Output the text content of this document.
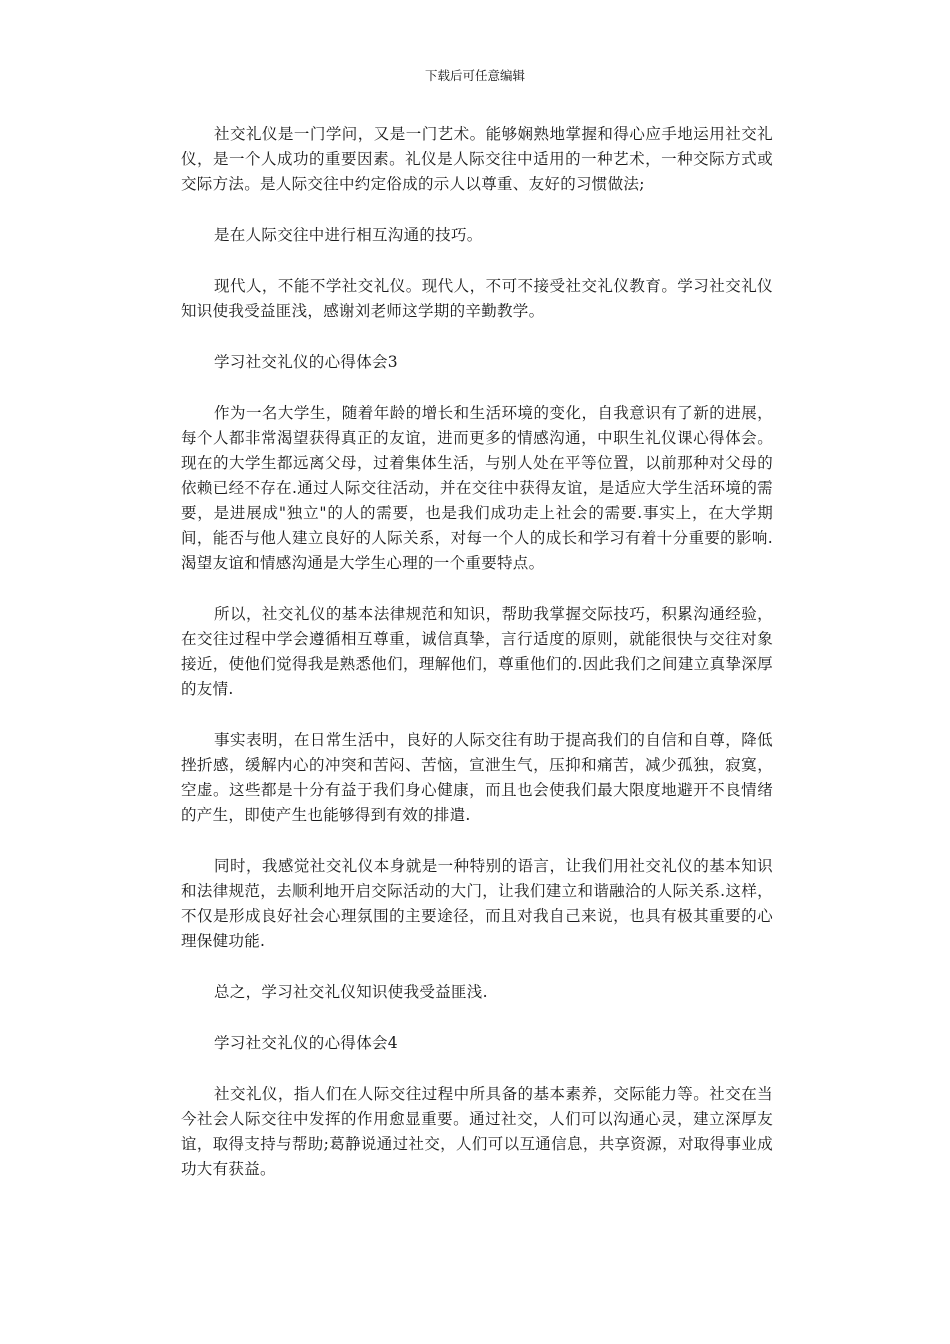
下载后可任意编辑

社交礼仪是一门学问，又是一门艺术。能够娴熟地掌握和得心应手地运用社交礼仪，是一个人成功的重要因素。礼仪是人际交往中适用的一种艺术，一种交际方式或交际方法。是人际交往中约定俗成的示人以尊重、友好的习惯做法;

是在人际交往中进行相互沟通的技巧。

现代人，不能不学社交礼仪。现代人，不可不接受社交礼仪教育。学习社交礼仪知识使我受益匪浅，感谢刘老师这学期的辛勤教学。

学习社交礼仪的心得体会3

作为一名大学生，随着年龄的增长和生活环境的变化，自我意识有了新的进展，每个人都非常渴望获得真正的友谊，进而更多的情感沟通，中职生礼仪课心得体会。现在的大学生都远离父母，过着集体生活，与别人处在平等位置，以前那种对父母的依赖已经不存在.通过人际交往活动，并在交往中获得友谊，是适应大学生活环境的需要，是进展成"独立"的人的需要，也是我们成功走上社会的需要.事实上，在大学期间，能否与他人建立良好的人际关系，对每一个人的成长和学习有着十分重要的影响.渴望友谊和情感沟通是大学生心理的一个重要特点。

所以，社交礼仪的基本法律规范和知识，帮助我掌握交际技巧，积累沟通经验，在交往过程中学会遵循相互尊重，诚信真挚，言行适度的原则，就能很快与交往对象接近，使他们觉得我是熟悉他们，理解他们，尊重他们的.因此我们之间建立真挚深厚的友情.

事实表明，在日常生活中，良好的人际交往有助于提高我们的自信和自尊，降低挫折感，缓解内心的冲突和苦闷、苦恼，宣泄生气，压抑和痛苦，减少孤独，寂寞，空虚。这些都是十分有益于我们身心健康，而且也会使我们最大限度地避开不良情绪的产生，即使产生也能够得到有效的排遣.

同时，我感觉社交礼仪本身就是一种特别的语言，让我们用社交礼仪的基本知识和法律规范，去顺利地开启交际活动的大门，让我们建立和谐融洽的人际关系.这样，不仅是形成良好社会心理氛围的主要途径，而且对我自己来说，也具有极其重要的心理保健功能.

总之，学习社交礼仪知识使我受益匪浅.

学习社交礼仪的心得体会4

社交礼仪，指人们在人际交往过程中所具备的基本素养，交际能力等。社交在当今社会人际交往中发挥的作用愈显重要。通过社交，人们可以沟通心灵，建立深厚友谊，取得支持与帮助;葛静说通过社交，人们可以互通信息，共享资源，对取得事业成功大有获益。
